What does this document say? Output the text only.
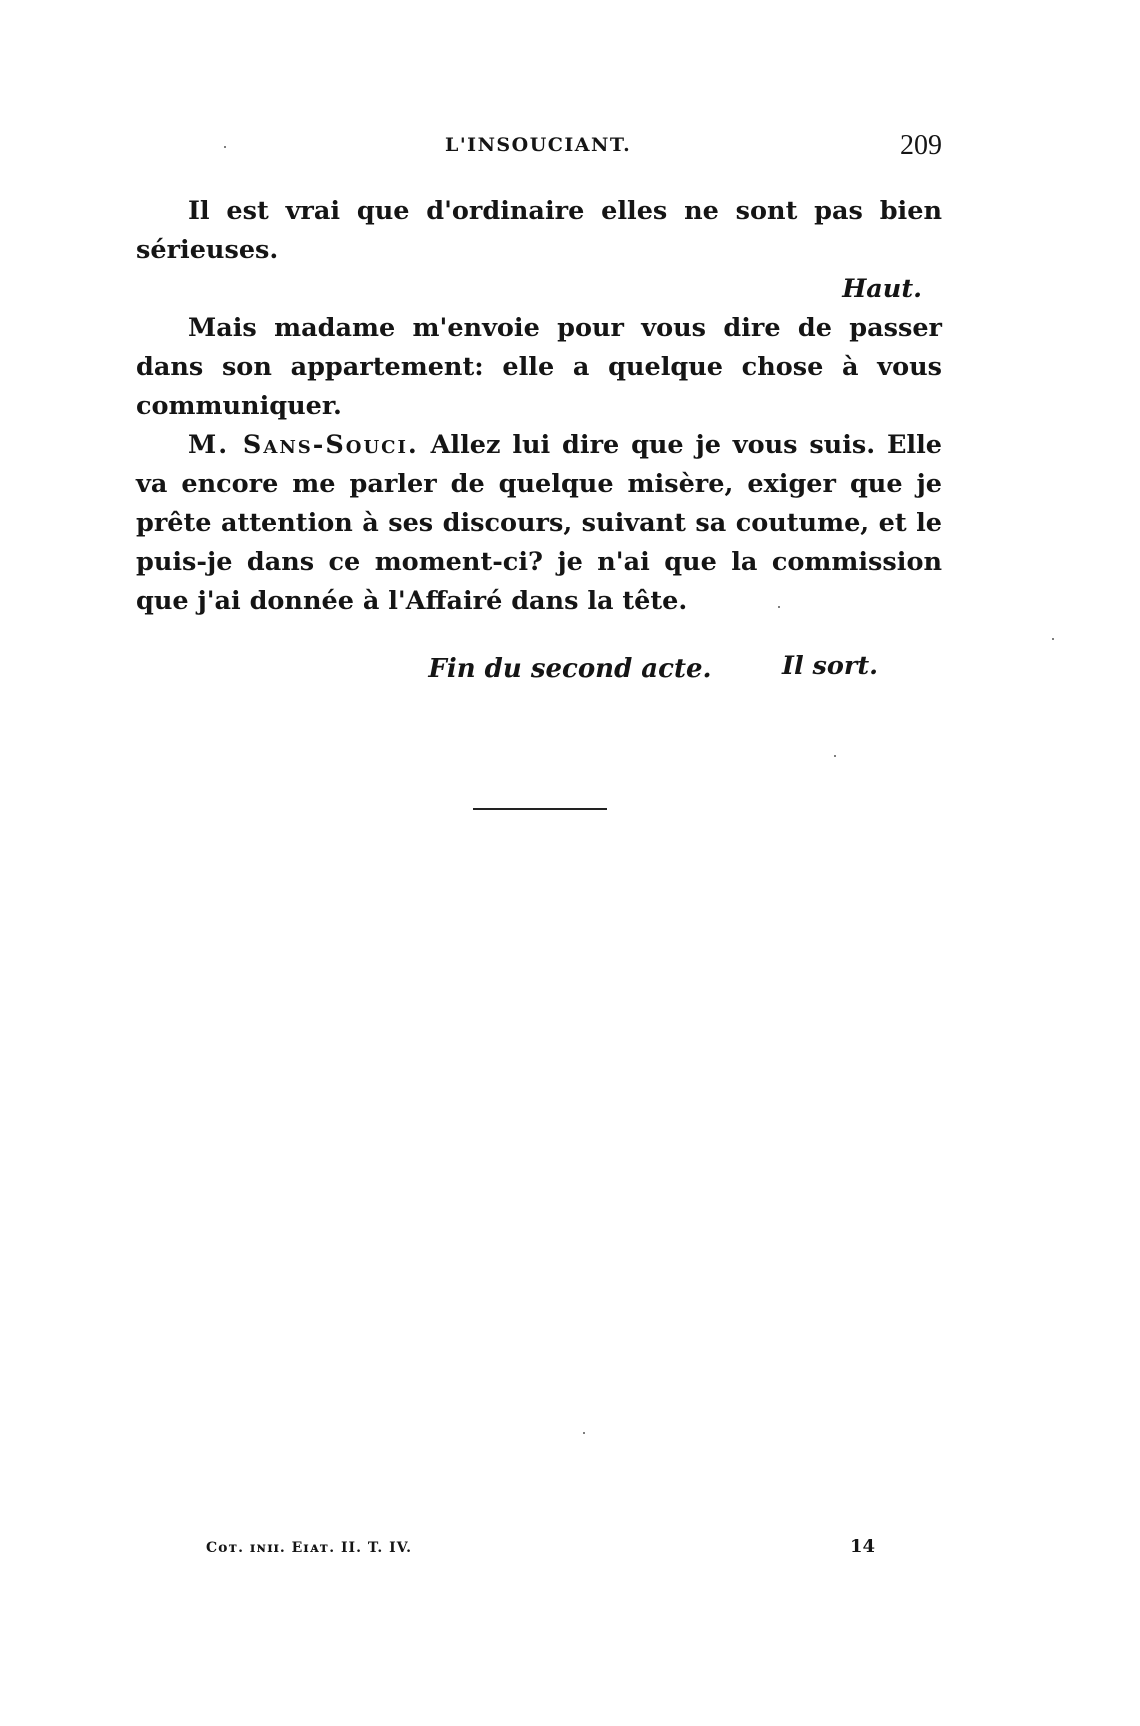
L'INSOUCIANT.	209

Il est vrai que d'ordinaire elles ne sont pas bien sérieuses.

Haut.

Mais madame m'envoie pour vous dire de passer dans son appartement: elle a quelque chose à vous communiquer.

M. Sans-Souci. Allez lui dire que je vous suis. Elle va encore me parler de quelque misère, exiger que je prête attention à ses discours, suivant sa coutume, et le puis-je dans ce moment-ci? je n'ai que la commission que j'ai donnée à l'Affairé dans la tête.

Il sort.

Fin du second acte.
Coт. ɪɴɪɪ. Eɪᴀт. II. T. IV.	14
